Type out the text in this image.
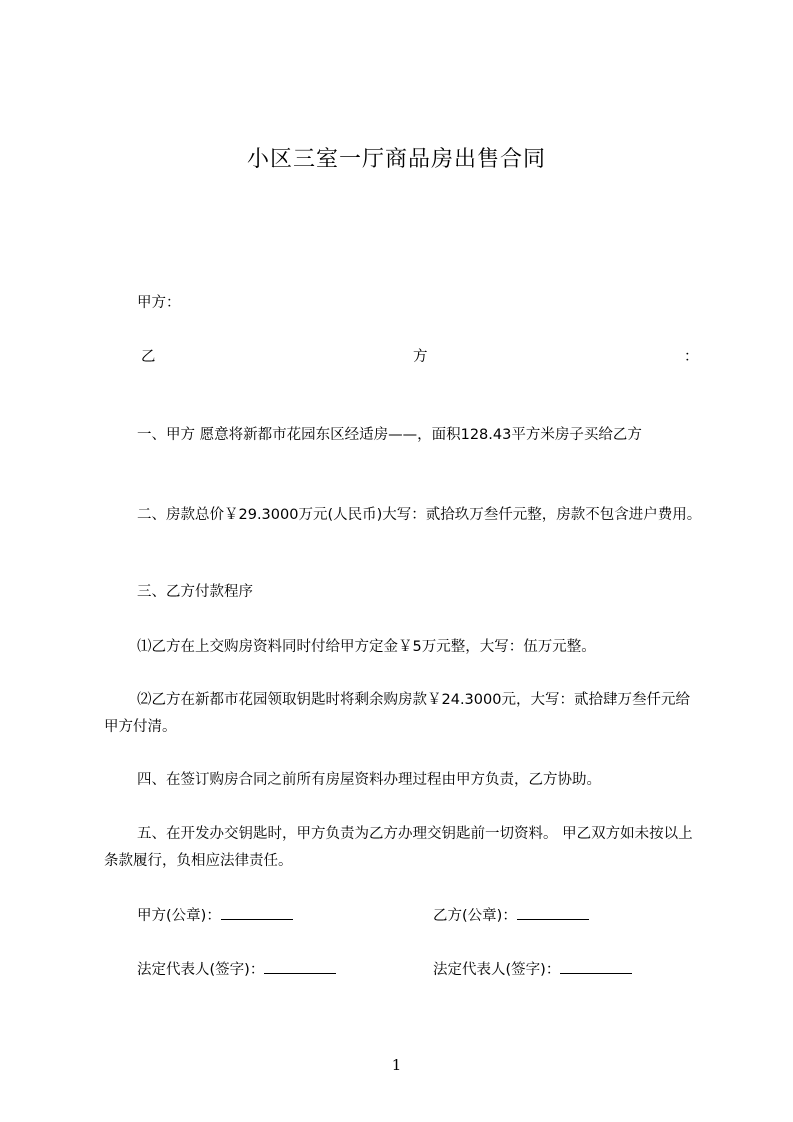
小区三室一厅商品房出售合同
甲方：
乙	方	：
一、甲方 愿意将新都市花园东区经适房——，面积128.43平方米房子买给乙方
二、房款总价￥29.3000万元(人民币)大写：贰拾玖万叁仟元整，房款不包含进户费用。
三、乙方付款程序
⑴乙方在上交购房资料同时付给甲方定金￥5万元整，大写：伍万元整。
⑵乙方在新都市花园领取钥匙时将剩余购房款￥24.3000元，大写：贰拾肆万叁仟元给甲方付清。
四、在签订购房合同之前所有房屋资料办理过程由甲方负责，乙方协助。
五、在开发办交钥匙时，甲方负责为乙方办理交钥匙前一切资料。 甲乙双方如未按以上条款履行，负相应法律责任。
甲方(公章)：	乙方(公章)：
法定代表人(签字)：	法定代表人(签字)：
1
